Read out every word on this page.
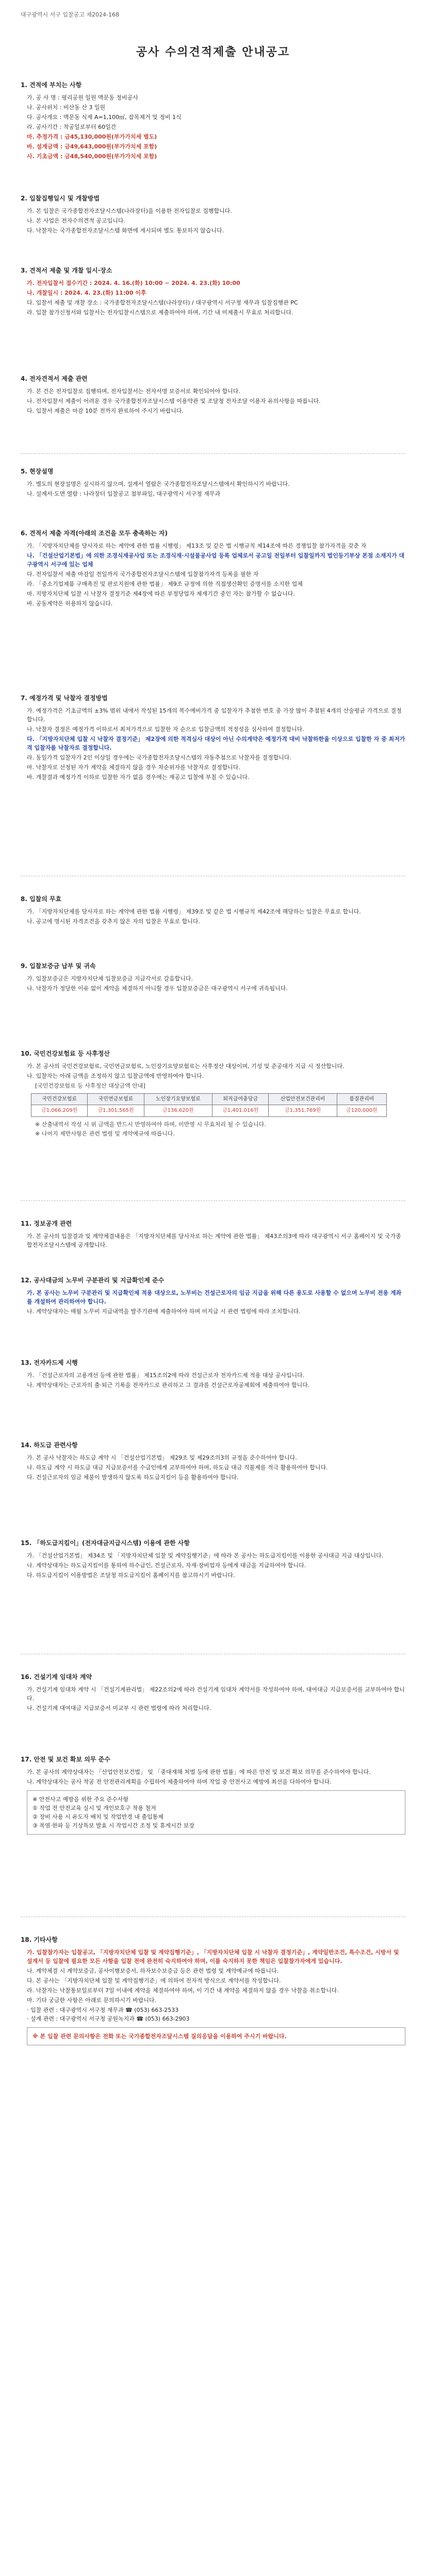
대구광역시 서구 입찰공고 제2024-168
공사 수의견적제출 안내공고
1. 견적에 부치는 사항
가. 공 사 명 : 평리공원 일원 맥문동 정비공사
나. 공사위치 : 비산동 산 3 일원
다. 공사개요 : 맥문동 식재 A=1,100㎡, 잡목제거 및 정비 1식
라. 공사기간 : 착공일로부터 60일간
마. 추정가격 : 금45,130,000원(부가가치세 별도)
바. 설계금액 : 금49,643,000원(부가가치세 포함)
사. 기초금액 : 금48,540,000원(부가가치세 포함)
2. 입찰집행일시 및 개찰방법
가. 본 입찰은 국가종합전자조달시스템(나라장터)을 이용한 전자입찰로 집행합니다.
나. 본 사업은 전자수의견적 공고입니다.
다. 낙찰자는 국가종합전자조달시스템 화면에 게시되며 별도 통보하지 않습니다.
3. 견적서 제출 및 개찰 일시·장소
가. 전자입찰서 접수기간 : 2024. 4. 16.(화) 10:00 ~ 2024. 4. 23.(화) 10:00
나. 개찰일시 : 2024. 4. 23.(화) 11:00 이후
다. 입찰서 제출 및 개찰 장소 : 국가종합전자조달시스템(나라장터) / 대구광역시 서구청 재무과 입찰집행관 PC
라. 입찰 참가신청서와 입찰서는 전자입찰시스템으로 제출하여야 하며, 기간 내 미제출시 무효로 처리합니다.
4. 전자견적서 제출 관련
가. 본 건은 전자입찰로 집행하며, 전자입찰서는 전자서명 보증서로 확인되어야 합니다.
나. 전자입찰서 제출이 어려운 경우 국가종합전자조달시스템 이용약관 및 조달청 전자조달 이용자 유의사항을 따릅니다.
다. 입찰서 제출은 마감 10분 전까지 완료하여 주시기 바랍니다.
5. 현장설명
가. 별도의 현장설명은 실시하지 않으며, 설계서 열람은 국가종합전자조달시스템에서 확인하시기 바랍니다.
나. 설계서·도면 열람 : 나라장터 입찰공고 첨부파일, 대구광역시 서구청 재무과
6. 견적서 제출 자격(아래의 조건을 모두 충족하는 자)
가. 「지방자치단체를 당사자로 하는 계약에 관한 법률 시행령」 제13조 및 같은 법 시행규칙 제14조에 따른 경쟁입찰 참가자격을 갖춘 자
나. 「건설산업기본법」에 의한 조경식재공사업 또는 조경식재·시설물공사업 등록 업체로서 공고일 전일부터 입찰일까지 법인등기부상 본점 소재지가 대구광역시 서구에 있는 업체
다. 전자입찰서 제출 마감일 전일까지 국가종합전자조달시스템에 입찰참가자격 등록을 필한 자
라. 「중소기업제품 구매촉진 및 판로지원에 관한 법률」 제9조 규정에 의한 직접생산확인 증명서를 소지한 업체
마. 지방자치단체 입찰 시 낙찰자 결정기준 제4장에 따른 부정당업자 제재기간 중인 자는 참가할 수 없습니다.
바. 공동계약은 허용하지 않습니다.
7. 예정가격 및 낙찰자 결정방법
가. 예정가격은 기초금액의 ±3% 범위 내에서 작성된 15개의 복수예비가격 중 입찰자가 추첨한 번호 중 가장 많이 추첨된 4개의 산술평균 가격으로 결정합니다.
나. 낙찰자 결정은 예정가격 이하로서 최저가격으로 입찰한 자 순으로 입찰금액의 적정성을 심사하여 결정합니다.
다. 「지방자치단체 입찰 시 낙찰자 결정기준」 제2장에 의한 적격심사 대상이 아닌 수의계약은 예정가격 대비 낙찰하한율 이상으로 입찰한 자 중 최저가격 입찰자를 낙찰자로 결정합니다.
라. 동일가격 입찰자가 2인 이상일 경우에는 국가종합전자조달시스템의 자동추첨으로 낙찰자를 결정합니다.
마. 낙찰자로 선정된 자가 계약을 체결하지 않을 경우 차순위자를 낙찰자로 결정합니다.
바. 개찰결과 예정가격 이하로 입찰한 자가 없을 경우에는 재공고 입찰에 부칠 수 있습니다.
8. 입찰의 무효
가. 「지방자치단체를 당사자로 하는 계약에 관한 법률 시행령」 제39조 및 같은 법 시행규칙 제42조에 해당하는 입찰은 무효로 합니다.
나. 공고에 명시된 자격조건을 갖추지 않은 자의 입찰은 무효로 합니다.
9. 입찰보증금 납부 및 귀속
가. 입찰보증금은 지방자치단체 입찰보증금 지급각서로 갈음합니다.
나. 낙찰자가 정당한 이유 없이 계약을 체결하지 아니할 경우 입찰보증금은 대구광역시 서구에 귀속됩니다.
10. 국민건강보험료 등 사후정산
가. 본 공사의 국민건강보험료, 국민연금보험료, 노인장기요양보험료는 사후정산 대상이며, 기성 및 준공대가 지급 시 정산합니다.
나. 입찰자는 아래 금액을 조정하지 않고 입찰금액에 반영하여야 합니다.
[국민건강보험료 등 사후정산 대상금액 안내]
국민건강보험료	국민연금보험료	노인장기요양보험료	퇴직급여충당금	산업안전보건관리비	품질관리비
금1,066,209원	금1,301,565원	금136,620원	금1,401,016원	금1,351,769원	금120,000원
※ 산출내역서 작성 시 위 금액을 반드시 반영하여야 하며, 미반영 시 무효처리 될 수 있습니다.
※ 나머지 제반사항은 관련 법령 및 계약예규에 따릅니다.
11. 정보공개 관련
가. 본 공사의 입찰결과 및 계약체결내용은 「지방자치단체를 당사자로 하는 계약에 관한 법률」 제43조의3에 따라 대구광역시 서구 홈페이지 및 국가종합전자조달시스템에 공개합니다.
12. 공사대금의 노무비 구분관리 및 지급확인제 준수
가. 본 공사는 노무비 구분관리 및 지급확인제 적용 대상으로, 노무비는 건설근로자의 임금 지급을 위해 다른 용도로 사용할 수 없으며 노무비 전용 계좌를 개설하여 관리하여야 합니다.
나. 계약상대자는 매월 노무비 지급내역을 발주기관에 제출하여야 하며 미지급 시 관련 법령에 따라 조치합니다.
13. 전자카드제 시행
가. 「건설근로자의 고용개선 등에 관한 법률」 제15조의2에 따라 건설근로자 전자카드제 적용 대상 공사입니다.
나. 계약상대자는 근로자의 출·퇴근 기록을 전자카드로 관리하고 그 결과를 건설근로자공제회에 제출하여야 합니다.
14. 하도급 관련사항
가. 본 공사 낙찰자는 하도급 계약 시 「건설산업기본법」 제29조 및 제29조의3의 규정을 준수하여야 합니다.
나. 하도급 계약 시 하도급 대금 지급보증서를 수급인에게 교부하여야 하며, 하도급 대금 직불제를 적극 활용하여야 합니다.
다. 건설근로자의 임금 체불이 발생하지 않도록 하도급지킴이 등을 활용하여야 합니다.
15. 「하도급지킴이」(전자대금지급시스템) 이용에 관한 사항
가. 「건설산업기본법」 제34조 및 「지방자치단체 입찰 및 계약집행기준」에 따라 본 공사는 하도급지킴이를 이용한 공사대금 지급 대상입니다.
나. 계약상대자는 하도급지킴이를 통하여 하수급인, 건설근로자, 자재·장비업자 등에게 대금을 지급하여야 합니다.
다. 하도급지킴이 이용방법은 조달청 하도급지킴이 홈페이지를 참고하시기 바랍니다.
16. 건설기계 임대차 계약
가. 건설기계 임대차 계약 시 「건설기계관리법」 제22조의2에 따라 건설기계 임대차 계약서를 작성하여야 하며, 대여대금 지급보증서를 교부하여야 합니다.
나. 건설기계 대여대금 지급보증서 미교부 시 관련 법령에 따라 처리합니다.
17. 안전 및 보건 확보 의무 준수
가. 본 공사의 계약상대자는 「산업안전보건법」 및 「중대재해 처벌 등에 관한 법률」에 따른 안전 및 보건 확보 의무를 준수하여야 합니다.
나. 계약상대자는 공사 착공 전 안전관리계획을 수립하여 제출하여야 하며 작업 중 안전사고 예방에 최선을 다하여야 합니다.
※ 안전사고 예방을 위한 주요 준수사항
① 작업 전 안전교육 실시 및 개인보호구 착용 철저
② 장비 사용 시 유도자 배치 및 작업반경 내 출입통제
③ 폭염·한파 등 기상특보 발효 시 작업시간 조정 및 휴게시간 보장
18. 기타사항
가. 입찰참가자는 입찰공고, 「지방자치단체 입찰 및 계약집행기준」, 「지방자치단체 입찰 시 낙찰자 결정기준」, 계약일반조건, 특수조건, 시방서 및 설계서 등 입찰에 필요한 모든 사항을 입찰 전에 완전히 숙지하여야 하며, 이를 숙지하지 못한 책임은 입찰참가자에게 있습니다.
나. 계약체결 시 계약보증금, 공사이행보증서, 하자보수보증금 등은 관련 법령 및 계약예규에 따릅니다.
다. 본 공사는 「지방자치단체 입찰 및 계약집행기준」에 의하여 전자적 방식으로 계약서를 작성합니다.
라. 낙찰자는 낙찰통보일로부터 7일 이내에 계약을 체결하여야 하며, 이 기간 내 계약을 체결하지 않을 경우 낙찰을 취소합니다.
마. 기타 궁금한 사항은 아래로 문의하시기 바랍니다.
· 입찰 관련 : 대구광역시 서구청 재무과 ☎ (053) 663-2533
· 설계 관련 : 대구광역시 서구청 공원녹지과 ☎ (053) 663-2903
※ 본 입찰 관련 문의사항은 전화 또는 국가종합전자조달시스템 질의응답을 이용하여 주시기 바랍니다.
